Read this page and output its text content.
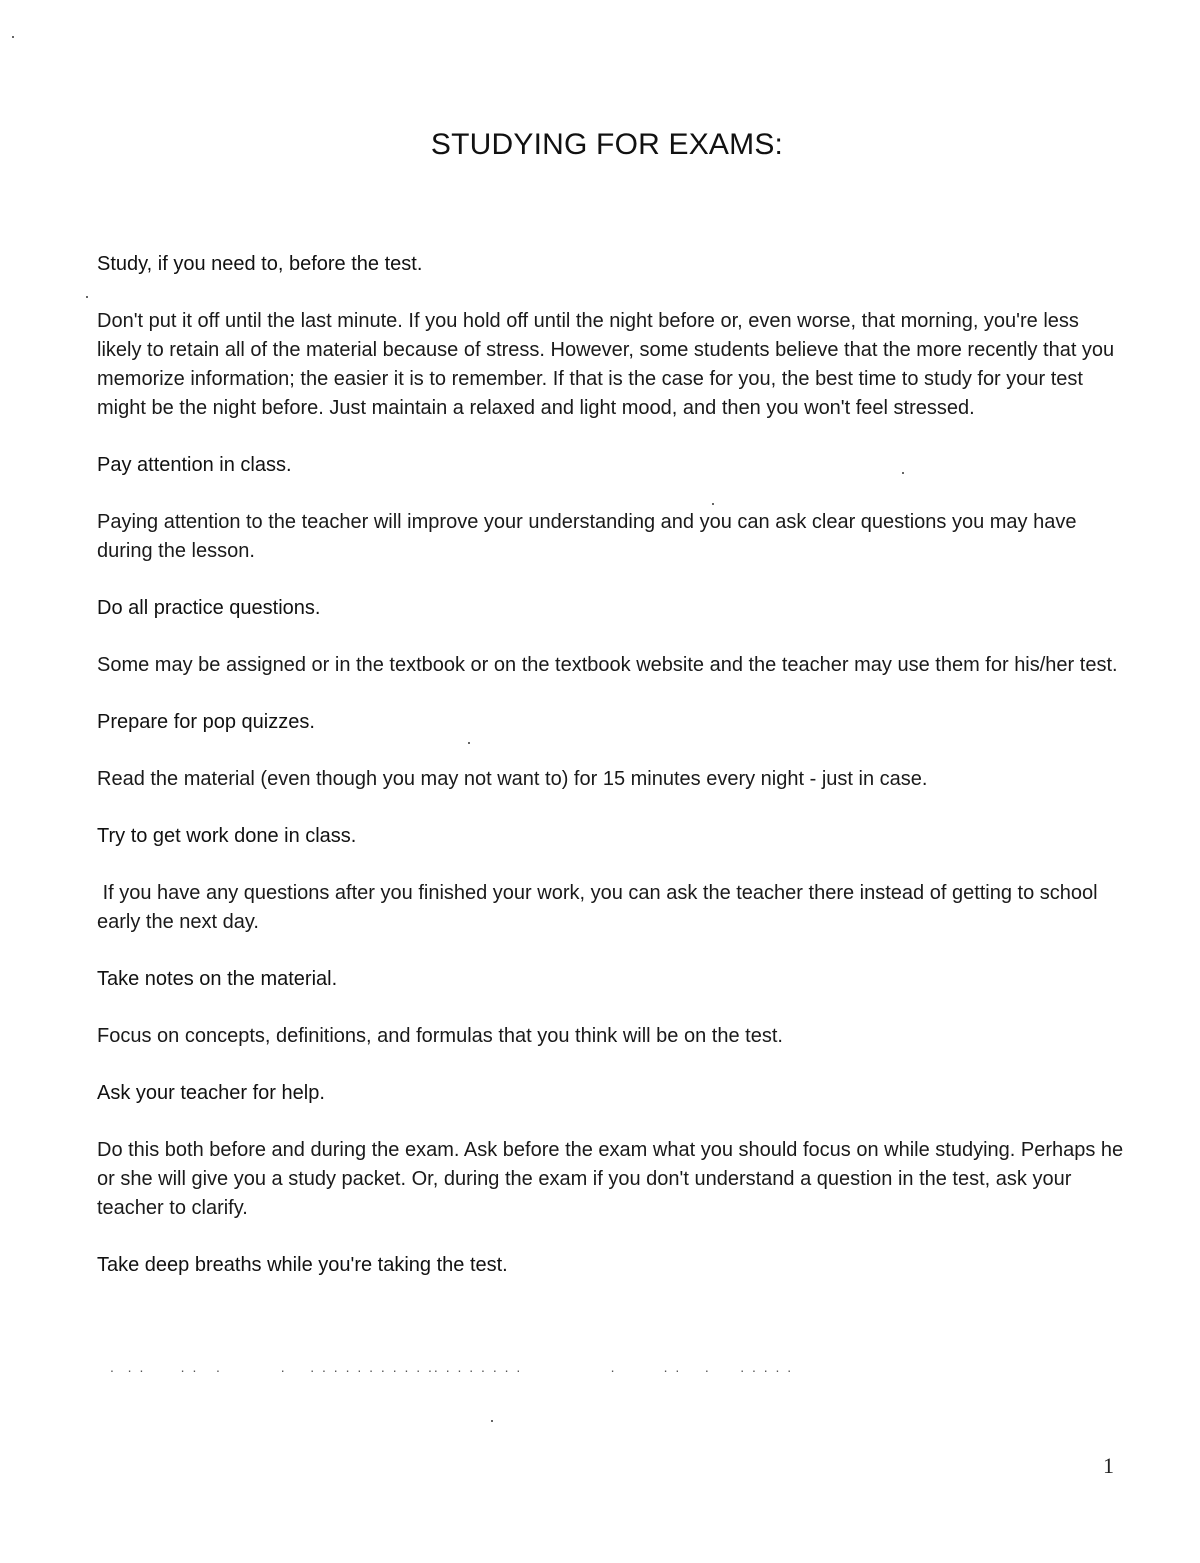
STUDYING FOR EXAMS:
Study, if you need to, before the test.
Don't put it off until the last minute. If you hold off until the night before or, even worse, that morning, you're less likely to retain all of the material because of stress. However, some students believe that the more recently that you memorize information; the easier it is to remember. If that is the case for you, the best time to study for your test might be the night before. Just maintain a relaxed and light mood, and then you won't feel stressed.
Pay attention in class.
Paying attention to the teacher will improve your understanding and you can ask clear questions you may have during the lesson.
Do all practice questions.
Some may be assigned or in the textbook or on the textbook website and the teacher may use them for his/her test.
Prepare for pop quizzes.
Read the material (even though you may not want to) for 15 minutes every night - just in case.
Try to get work done in class.
If you have any questions after you finished your work, you can ask the teacher there instead of getting to school early the next day.
Take notes on the material.
Focus on concepts, definitions, and formulas that you think will be on the test.
Ask your teacher for help.
Do this both before and during the exam. Ask before the exam what you should focus on while studying. Perhaps he or she will give you a study packet. Or, during the exam if you don't understand a question in the test, ask your teacher to clarify.
Take deep breaths while you're taking the test.
.  . .      . .   .          .    . . . . . . . . . . .. . . . . . . .               .        . .    .     . . . . .
1
